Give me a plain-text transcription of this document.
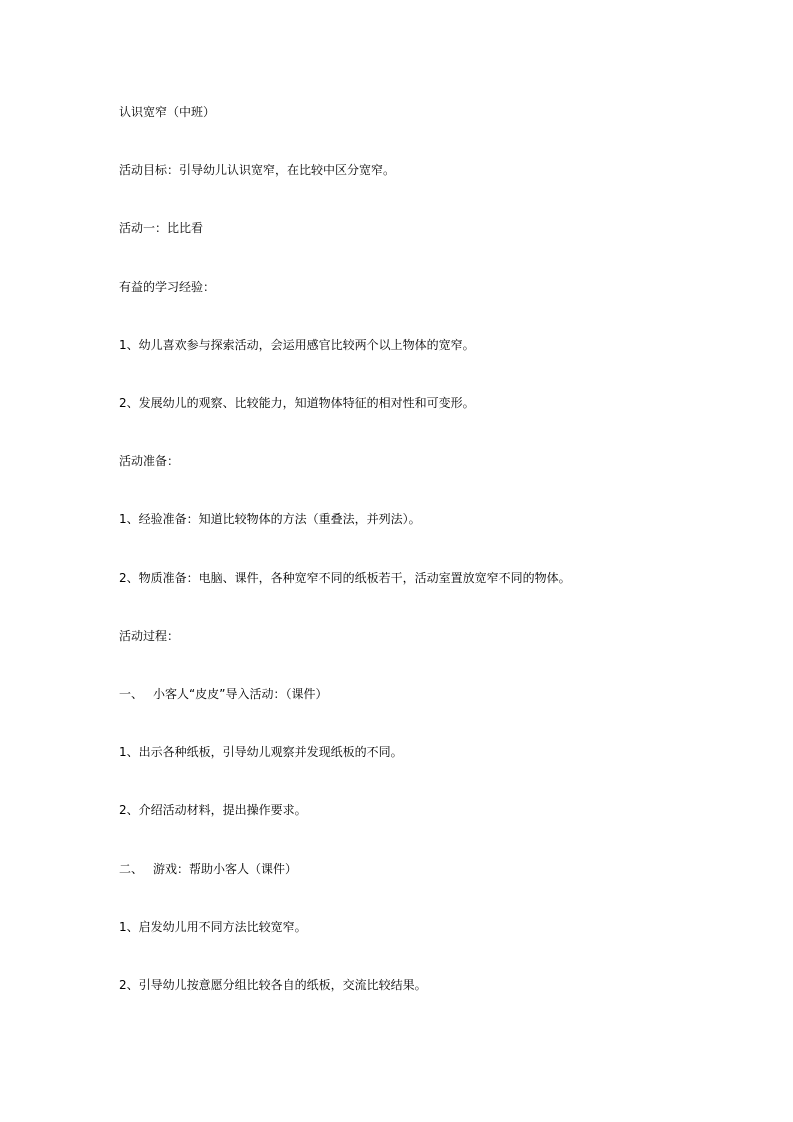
认识宽窄（中班）
活动目标：引导幼儿认识宽窄，在比较中区分宽窄。
活动一：比比看
有益的学习经验：
1、幼儿喜欢参与探索活动，会运用感官比较两个以上物体的宽窄。
2、发展幼儿的观察、比较能力，知道物体特征的相对性和可变形。
活动准备：
1、经验准备：知道比较物体的方法（重叠法，并列法）。
2、物质准备：电脑、课件，各种宽窄不同的纸板若干，活动室置放宽窄不同的物体。
活动过程：
一、 小客人“皮皮”导入活动：（课件）
1、出示各种纸板，引导幼儿观察并发现纸板的不同。
2、介绍活动材料，提出操作要求。
二、 游戏：帮助小客人（课件）
1、启发幼儿用不同方法比较宽窄。
2、引导幼儿按意愿分组比较各自的纸板，交流比较结果。
